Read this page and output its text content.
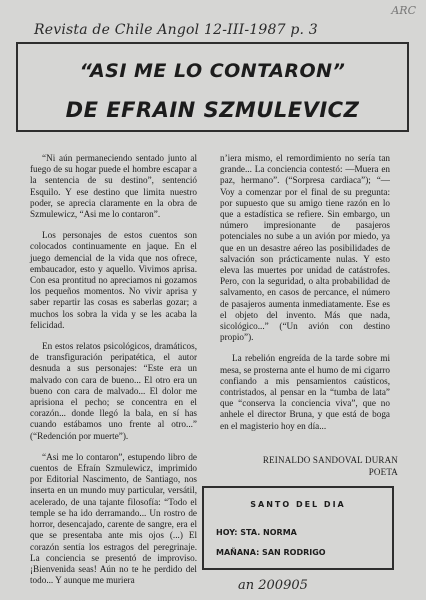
Revista de Chile Angol 12-III-1987 p. 3
ARC
“ASI ME LO CONTARON”
DE EFRAIN SZMULEVICZ

“Ni aún permaneciendo sentado junto al fuego de su hogar puede el hombre escapar a la sentencia de su destino”, sentenció Esquilo. Y ese destino que limita nuestro poder, se aprecia claramente en la obra de Szmulewicz, “Asi me lo contaron”.

Los personajes de estos cuentos son colocados continuamente en jaque. En el juego demencial de la vida que nos ofrece, embaucador, esto y aquello. Vivimos aprisa. Con esa prontitud no apreciamos ni gozamos los pequeños momentos. No vivir aprisa y saber repartir las cosas es saberlas gozar; a muchos los sobra la vida y se les acaba la felicidad.

En estos relatos psicológicos, dramáticos, de transfiguración peripatética, el autor desnuda a sus personajes: “Este era un malvado con cara de bueno... El otro era un bueno con cara de malvado... El dolor me aprisiona el pecho; se concentra en el corazón... donde llegó la bala, en sí has cuando estábamos uno frente al otro...” (“Redención por muerte”).

“Asi me lo contaron”, estupendo libro de cuentos de Efraín Szmulewicz, imprimido por Editorial Nascimento, de Santiago, nos inserta en un mundo muy particular, versátil, acelerado, de una tajante filosofía: “Todo el temple se ha ido derramando... Un rostro de horror, desencajado, carente de sangre, era el que se presentaba ante mis ojos (...) El corazón sentía los estragos del peregrinaje. La conciencia se presentó de improviso. ¡Bienvenida seas! Aún no te he perdido del todo... Y aunque me muriera

n’iera mismo, el remordimiento no sería tan grande... La conciencia contestó: —Muera en paz, hermano”. (“Sorpresa cardiaca”); “—Voy a comenzar por el final de su pregunta: por supuesto que su amigo tiene razón en lo que a estadística se refiere. Sin embargo, un número impresionante de pasajeros potenciales no sube a un avión por miedo, ya que en un desastre aéreo las posibilidades de salvación son prácticamente nulas. Y esto eleva las muertes por unidad de catástrofes. Pero, con la seguridad, o alta probabilidad de salvamento, en casos de percance, el número de pasajeros aumenta inmediatamente. Ese es el objeto del invento. Más que nada, sicológico...” (“Un avión con destino propio”).

La rebelión engreída de la tarde sobre mi mesa, se prosterna ante el humo de mi cigarro confiando a mis pensamientos caústicos, contristados, al pensar en la “tumba de lata” que “conserva la conciencia viva”, que no anhele el director Bruna, y que está de boga en el magisterio hoy en día...

REINALDO SANDOVAL DURAN
POETA
SANTO DEL DIA
HOY: STA. NORMA
MAÑANA: SAN RODRIGO
an 200905
